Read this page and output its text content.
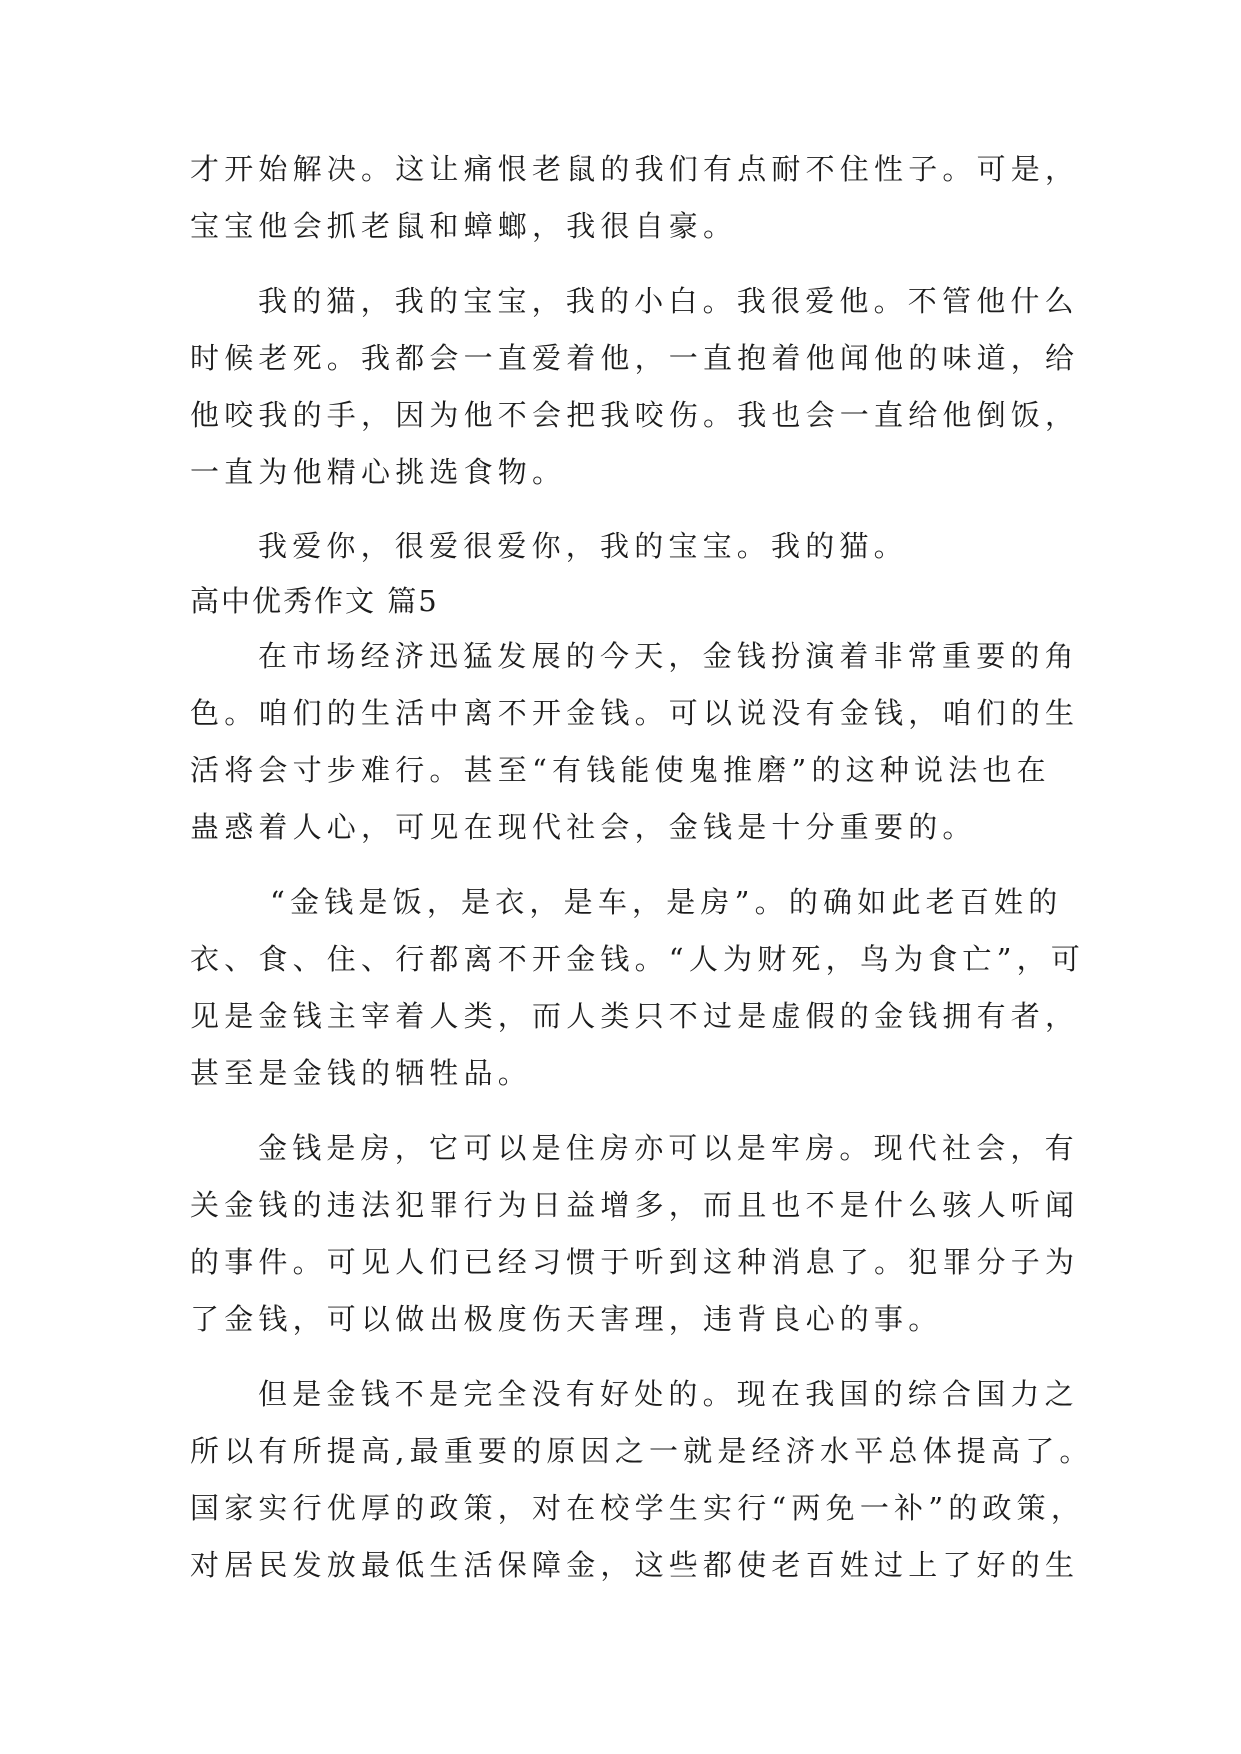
才开始解决。这让痛恨老鼠的我们有点耐不住性子。可是，
宝宝他会抓老鼠和蟑螂，我很自豪。
我的猫，我的宝宝，我的小白。我很爱他。不管他什么
时候老死。我都会一直爱着他，一直抱着他闻他的味道，给
他咬我的手，因为他不会把我咬伤。我也会一直给他倒饭，
一直为他精心挑选食物。
我爱你，很爱很爱你，我的宝宝。我的猫。
高中优秀作文 篇5
在市场经济迅猛发展的今天，金钱扮演着非常重要的角
色。咱们的生活中离不开金钱。可以说没有金钱，咱们的生
活将会寸步难行。甚至“有钱能使鬼推磨”的这种说法也在
蛊惑着人心，可见在现代社会，金钱是十分重要的。
“金钱是饭，是衣，是车，是房”。的确如此老百姓的
衣、食、住、行都离不开金钱。“人为财死，鸟为食亡”，可
见是金钱主宰着人类，而人类只不过是虚假的金钱拥有者，
甚至是金钱的牺牲品。
金钱是房，它可以是住房亦可以是牢房。现代社会，有
关金钱的违法犯罪行为日益增多，而且也不是什么骇人听闻
的事件。可见人们已经习惯于听到这种消息了。犯罪分子为
了金钱，可以做出极度伤天害理，违背良心的事。
但是金钱不是完全没有好处的。现在我国的综合国力之
所以有所提高,最重要的原因之一就是经济水平总体提高了。
国家实行优厚的政策，对在校学生实行“两免一补”的政策，
对居民发放最低生活保障金，这些都使老百姓过上了好的生
